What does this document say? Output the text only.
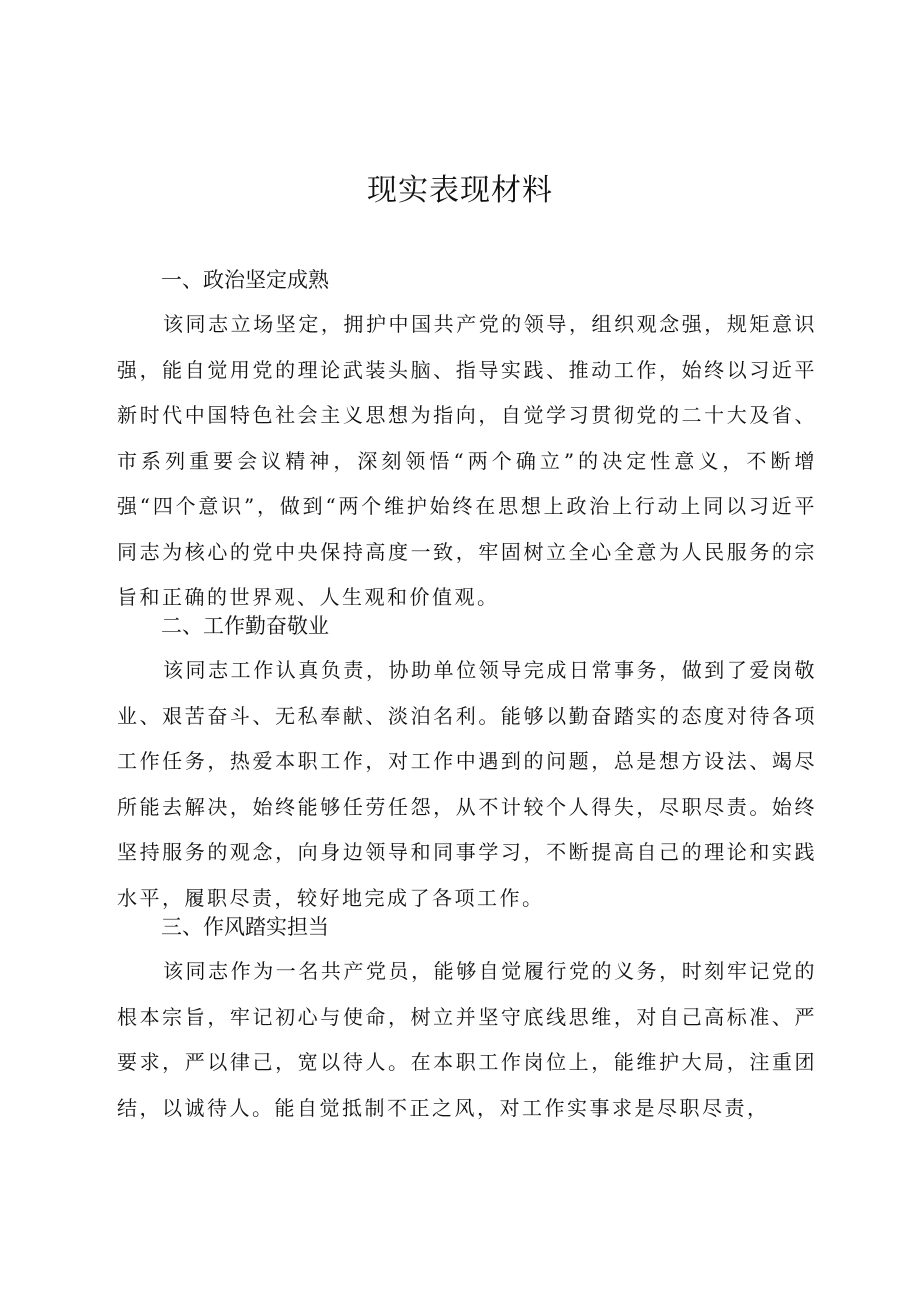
现实表现材料
一、政治坚定成熟

该同志立场坚定，拥护中国共产党的领导，组织观念强，规矩意识强，能自觉用党的理论武装头脑、指导实践、推动工作，始终以习近平新时代中国特色社会主义思想为指向，自觉学习贯彻党的二十大及省、市系列重要会议精神，深刻领悟“两个确立”的决定性意义，不断增强“四个意识”，做到“两个维护始终在思想上政治上行动上同以习近平同志为核心的党中央保持高度一致，牢固树立全心全意为人民服务的宗旨和正确的世界观、人生观和价值观。

二、工作勤奋敬业

该同志工作认真负责，协助单位领导完成日常事务，做到了爱岗敬业、艰苦奋斗、无私奉献、淡泊名利。能够以勤奋踏实的态度对待各项工作任务，热爱本职工作，对工作中遇到的问题，总是想方设法、竭尽所能去解决，始终能够任劳任怨，从不计较个人得失，尽职尽责。始终坚持服务的观念，向身边领导和同事学习，不断提高自己的理论和实践水平，履职尽责，较好地完成了各项工作。

三、作风踏实担当

该同志作为一名共产党员，能够自觉履行党的义务，时刻牢记党的根本宗旨，牢记初心与使命，树立并坚守底线思维，对自己高标准、严要求，严以律己，宽以待人。在本职工作岗位上，能维护大局，注重团结，以诚待人。能自觉抵制不正之风，对工作实事求是尽职尽责，
